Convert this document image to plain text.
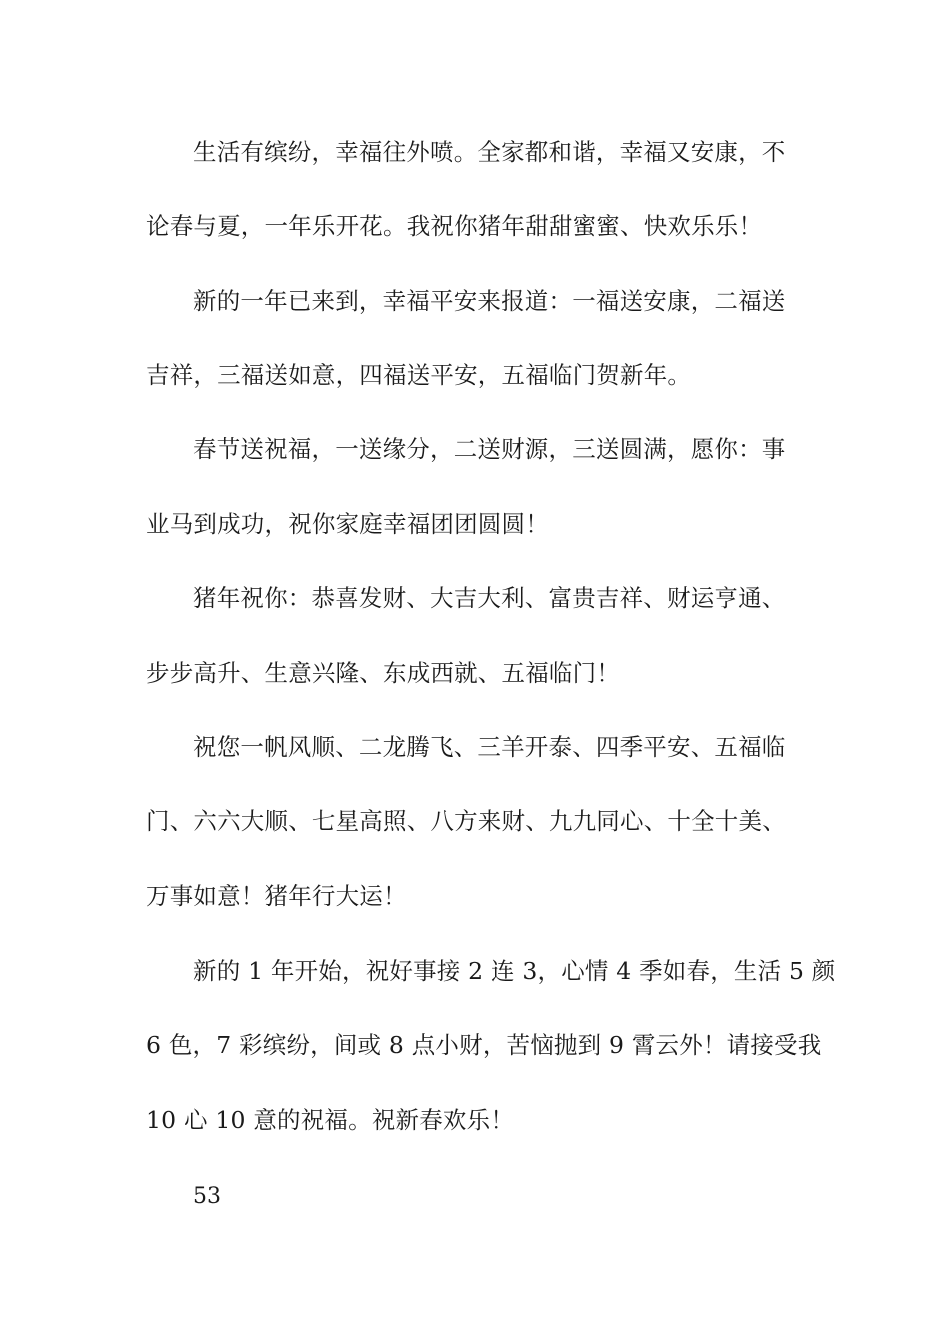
生活有缤纷，幸福往外喷。全家都和谐，幸福又安康，不
论春与夏，一年乐开花。我祝你猪年甜甜蜜蜜、快欢乐乐！
新的一年已来到，幸福平安来报道：一福送安康，二福送
吉祥，三福送如意，四福送平安，五福临门贺新年。
春节送祝福，一送缘分，二送财源，三送圆满，愿你：事
业马到成功，祝你家庭幸福团团圆圆！
猪年祝你：恭喜发财、大吉大利、富贵吉祥、财运亨通、
步步高升、生意兴隆、东成西就、五福临门！
祝您一帆风顺、二龙腾飞、三羊开泰、四季平安、五福临
门、六六大顺、七星高照、八方来财、九九同心、十全十美、
万事如意！猪年行大运！
新的 1 年开始，祝好事接 2 连 3，心情 4 季如春，生活 5 颜
6 色，7 彩缤纷，间或 8 点小财，苦恼抛到 9 霄云外！请接受我
10 心 10 意的祝福。祝新春欢乐！
53
